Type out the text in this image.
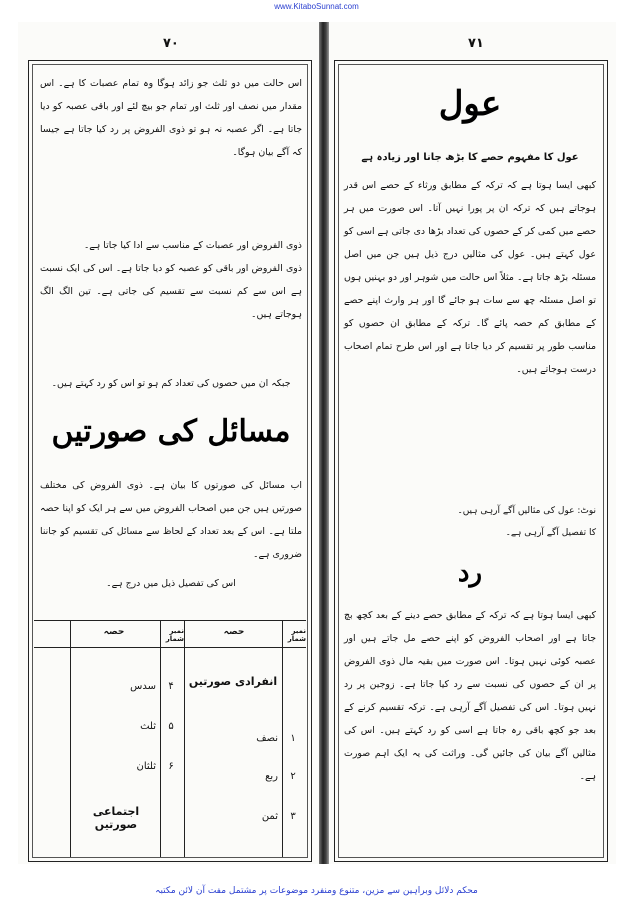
www.KitaboSunnat.com
۷۰
اس حالت میں دو ثلث جو زائد ہوگا وہ تمام عصبات کا ہے۔ اس مقدار میں نصف اور ثلث اور تمام جو بیچ لئے اور باقی عصبہ کو دیا جاتا ہے۔ اگر عصبہ نہ ہو تو ذوی الفروض پر رد کیا جاتا ہے جیسا کہ آگے بیان ہوگا۔
ذوی الفروض اور عصبات کے مناسب سے ادا کیا جاتا ہے۔
ذوی الفروض اور باقی کو عصبہ کو دیا جاتا ہے۔ اس کی ایک نسبت ہے اس سے کم نسبت سے تقسیم کی جاتی ہے۔ تین الگ الگ ہوجاتے ہیں۔
جبکہ ان میں حصوں کی تعداد کم ہو تو اس کو رد کہتے ہیں۔
مسائل کی صورتیں
اب مسائل کی صورتوں کا بیان ہے۔ ذوی الفروض کی مختلف صورتیں ہیں جن میں اصحاب الفروض میں سے ہر ایک کو اپنا حصہ ملتا ہے۔ اس کے بعد تعداد کے لحاظ سے مسائل کی تقسیم کو جاننا ضروری ہے۔
اس کی تفصیل ذیل میں درج ہے۔
نمبر شمار
حصہ
نمبر شمار
حصہ
انفرادی صورتیں
۱
نصف
۲
ربع
۳
ثمن
۴
سدس
۵
ثلث
۶
ثلثان
اجتماعی صورتیں
۷۱
عول
عول کا مفہوم حصے کا بڑھ جانا اور زیادہ ہے
کبھی ایسا ہوتا ہے کہ ترکہ کے مطابق ورثاء کے حصے اس قدر ہوجاتے ہیں کہ ترکہ ان پر پورا نہیں آتا۔ اس صورت میں ہر حصے میں کمی کر کے حصوں کی تعداد بڑھا دی جاتی ہے اسی کو عول کہتے ہیں۔ عول کی مثالیں درج ذیل ہیں جن میں اصل مسئلہ بڑھ جاتا ہے۔ مثلاً اس حالت میں شوہر اور دو بہنیں ہوں تو اصل مسئلہ چھ سے سات ہو جائے گا اور ہر وارث اپنے حصے کے مطابق کم حصہ پائے گا۔ ترکہ کے مطابق ان حصوں کو مناسب طور پر تقسیم کر دیا جاتا ہے اور اس طرح تمام اصحاب درست ہوجاتے ہیں۔
نوٹ: عول کی مثالیں آگے آرہی ہیں۔
کا تفصیل آگے آرہی ہے۔
رد
کبھی ایسا ہوتا ہے کہ ترکہ کے مطابق حصے دینے کے بعد کچھ بچ جاتا ہے اور اصحاب الفروض کو اپنے حصے مل جاتے ہیں اور عصبہ کوئی نہیں ہوتا۔ اس صورت میں بقیہ مال ذوی الفروض پر ان کے حصوں کی نسبت سے رد کیا جاتا ہے۔ زوجین پر رد نہیں ہوتا۔ اس کی تفصیل آگے آرہی ہے۔ ترکہ تقسیم کرنے کے بعد جو کچھ باقی رہ جاتا ہے اسی کو رد کہتے ہیں۔ اس کی مثالیں آگے بیان کی جائیں گی۔ وراثت کی یہ ایک اہم صورت ہے۔
محکم دلائل وبراہین سے مزین، متنوع ومنفرد موضوعات پر مشتمل مفت آن لائن مکتبہ
